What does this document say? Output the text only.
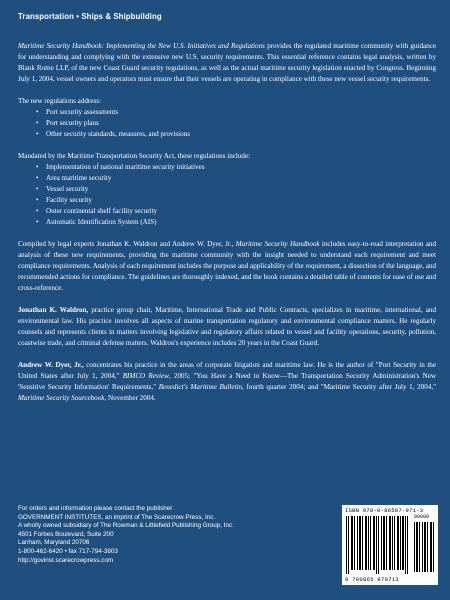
Transportation • Ships & Shipbuilding

Maritime Security Handbook: Implementing the New U.S. Initiatives and Regulations provides the regulated maritime community with guidance for understanding and complying with the extensive new U.S. security requirements. This essential reference contains legal analysis, written by Blank Rome LLP, of the new Coast Guard security regulations, as well as the actual maritime security legislation enacted by Congress. Beginning July 1, 2004, vessel owners and operators must ensure that their vessels are operating in compliance with these new vessel security requirements.

The new regulations address:

• Port security assessments
• Port security plans
• Other security standards, measures, and provisions

Mandated by the Maritime Transportation Security Act, these regulations include:

• Implementation of national maritime security initiatives
• Area maritime security
• Vessel security
• Facility security
• Outer continental shelf facility security
• Automatic Identification System (AIS)

Compiled by legal experts Jonathan K. Waldron and Andrew W. Dyer, Jr., Maritime Security Handbook includes easy-to-read interpretation and analysis of these new requirements, providing the maritime community with the insight needed to understand each requirement and meet compliance requirements. Analysis of each requirement includes the purpose and applicability of the requirement, a dissection of the language, and recommended actions for compliance. The guidelines are thoroughly indexed, and the book contains a detailed table of contents for ease of use and cross-reference.

Jonathan K. Waldron, practice group chair, Maritime, International Trade and Public Contracts, specializes in maritime, international, and environmental law. His practice involves all aspects of marine transportation regulatory and environmental compliance matters. He regularly counsels and represents clients in matters involving legislative and regulatory affairs related to vessel and facility operations, security, pollution, coastwise trade, and criminal defense matters. Waldron's experience includes 20 years in the Coast Guard.

Andrew W. Dyer, Jr., concentrates his practice in the areas of corporate litigation and maritime law. He is the author of "Port Security in the United States after July 1, 2004," BIMCO Review, 2005; "You Have a Need to Know—The Transportation Security Administration's New 'Sensitive Security Information' Requirements," Benedict's Maritime Bulletin, fourth quarter 2004; and "Maritime Security after July 1, 2004," Maritime Security Sourcebook, November 2004.

For orders and information please contact the publisher
GOVERNMENT INSTITUTES, an imprint of The Scarecrow Press, Inc.
A wholly owned subsidiary of The Rowman & Littlefield Publishing Group, Inc.
4501 Forbes Boulevard, Suite 200
Lanham, Maryland 20706
1-800-462-6420 • fax 717-794-3803
http://govinst.scarecrowpress.com
ISBN 978-0-86587-971-3
90000
9 780865 879713
